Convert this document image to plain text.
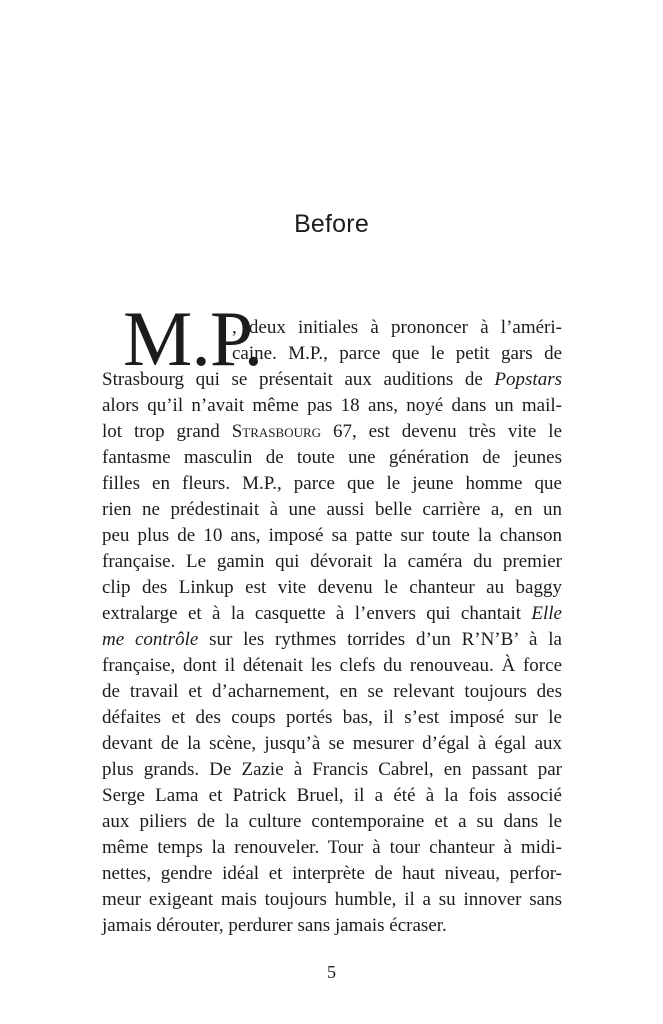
Before
M.P.
, deux initiales à prononcer à l’améri-
caine. M.P., parce que le petit gars de
Strasbourg qui se présentait aux auditions de Popstars
alors qu’il n’avait même pas 18 ans, noyé dans un mail-
lot trop grand Strasbourg 67, est devenu très vite le
fantasme masculin de toute une génération de jeunes
filles en fleurs. M.P., parce que le jeune homme que
rien ne prédestinait à une aussi belle carrière a, en un
peu plus de 10 ans, imposé sa patte sur toute la chanson
française. Le gamin qui dévorait la caméra du premier
clip des Linkup est vite devenu le chanteur au baggy
extralarge et à la casquette à l’envers qui chantait Elle
me contrôle sur les rythmes torrides d’un R’N’B’ à la
française, dont il détenait les clefs du renouveau. À force
de travail et d’acharnement, en se relevant toujours des
défaites et des coups portés bas, il s’est imposé sur le
devant de la scène, jusqu’à se mesurer d’égal à égal aux
plus grands. De Zazie à Francis Cabrel, en passant par
Serge Lama et Patrick Bruel, il a été à la fois associé
aux piliers de la culture contemporaine et a su dans le
même temps la renouveler. Tour à tour chanteur à midi-
nettes, gendre idéal et interprète de haut niveau, perfor-
meur exigeant mais toujours humble, il a su innover sans
jamais dérouter, perdurer sans jamais écraser.
5
